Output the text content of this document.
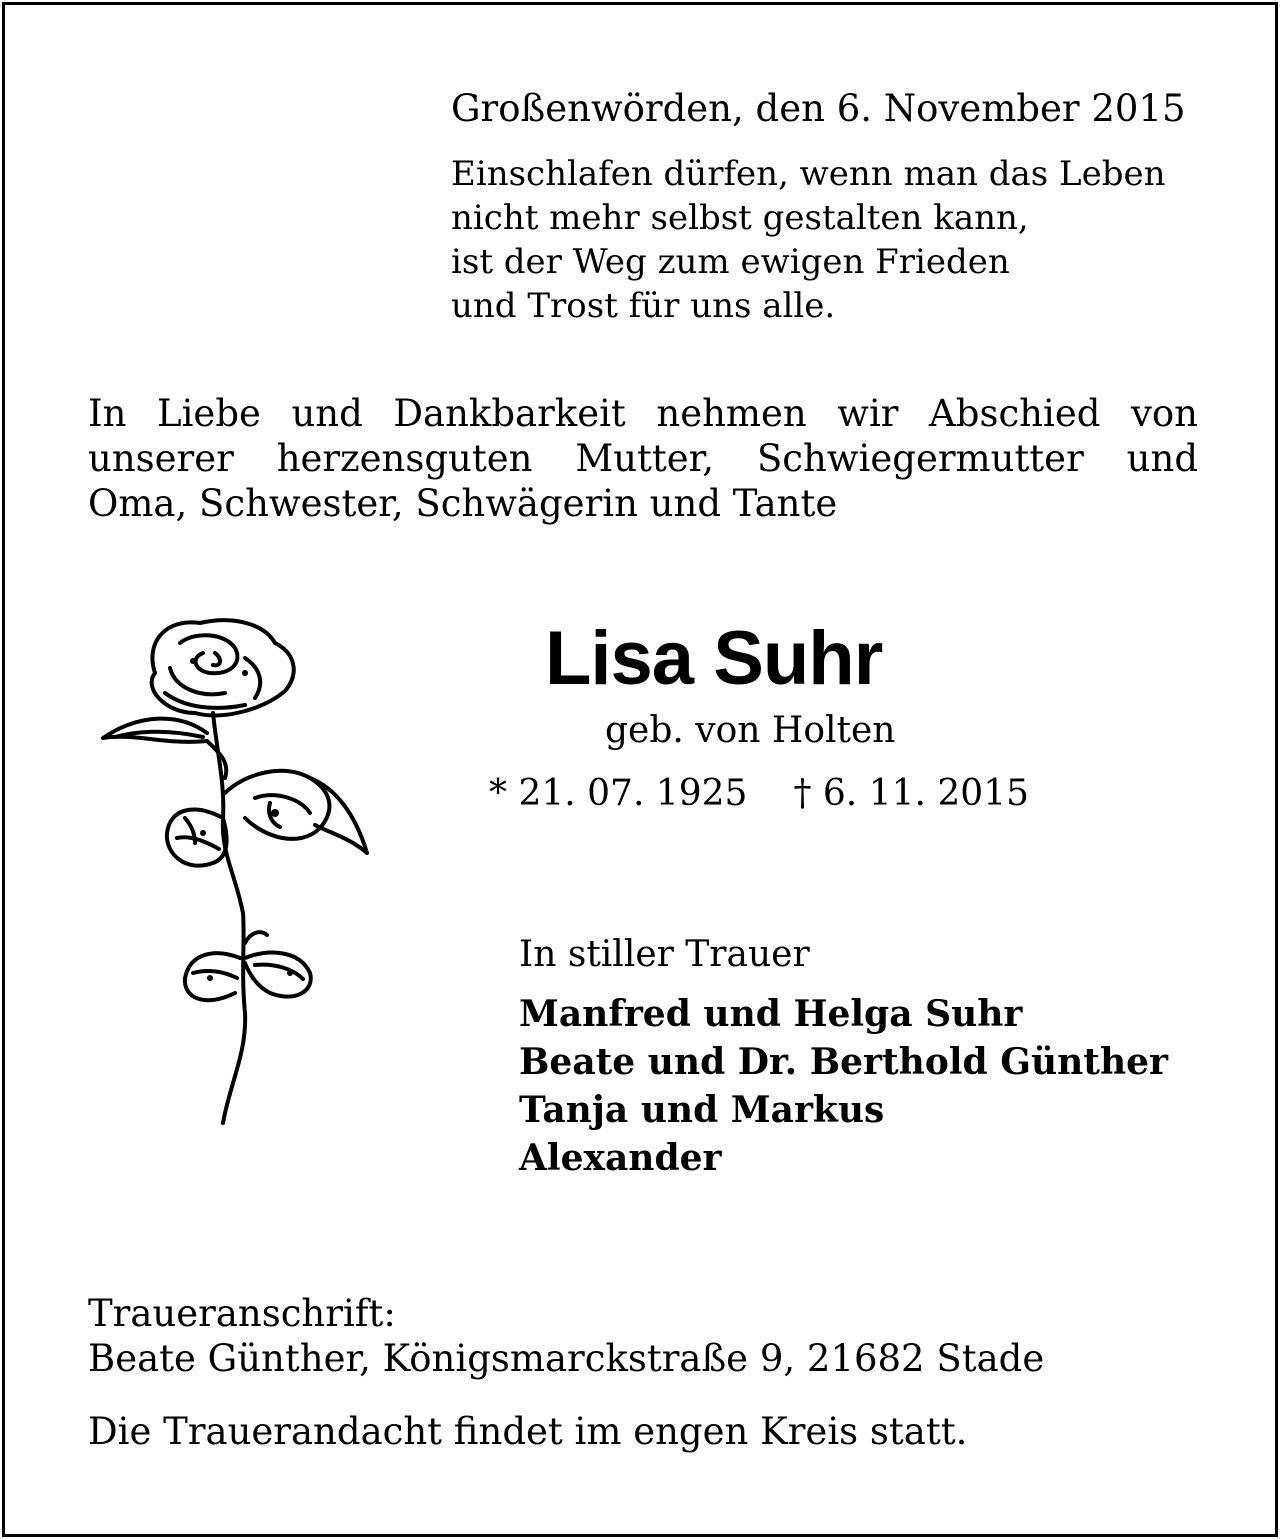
Großenwörden, den 6. November 2015
Einschlafen dürfen, wenn man das Leben
nicht mehr selbst gestalten kann,
ist der Weg zum ewigen Frieden
und Trost für uns alle.
In Liebe und Dankbarkeit nehmen wir Abschied von
unserer herzensguten Mutter, Schwiegermutter und
Oma, Schwester, Schwägerin und Tante
Lisa Suhr
geb. von Holten
* 21. 07. 1925 † 6. 11. 2015
In stiller Trauer
Manfred und Helga Suhr
Beate und Dr. Berthold Günther
Tanja und Markus
Alexander
Traueranschrift:
Beate Günther, Königsmarckstraße 9, 21682 Stade
Die Trauerandacht findet im engen Kreis statt.
